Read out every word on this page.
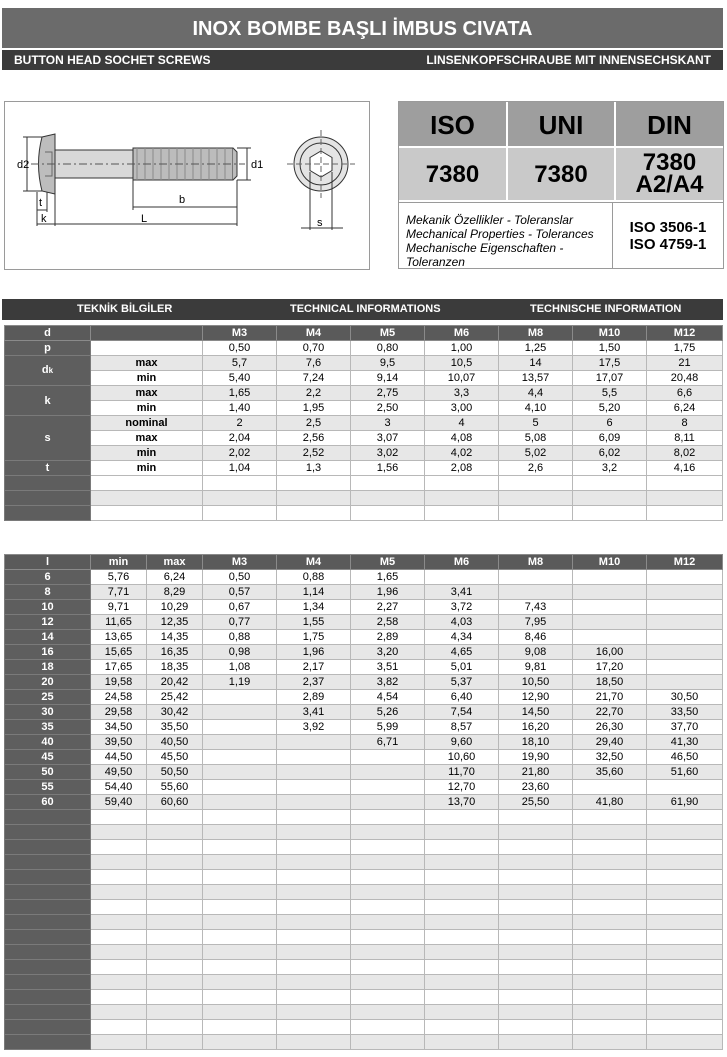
INOX BOMBE BAŞLI İMBUS CIVATA
BUTTON HEAD SOCHET SCREWS	LINSENKOPFSCHRAUBE MIT INNENSECHSKANT
d2	d1
t
k
b
L	s
ISO	UNI	DIN
7380	7380	7380
A2/A4
Mekanik Özellikler - Toleranslar
Mechanical Properties - Tolerances
Mechanische Eigenschaften - Toleranzen
ISO 3506-1
ISO 4759-1
TEKNİK BİLGİLER	TECHNICAL INFORMATIONS	TECHNISCHE INFORMATION
d		M3	M4	M5	M6	M8	M10	M12
p		0,50	0,70	0,80	1,00	1,25	1,50	1,75
dk	max	5,7	7,6	9,5	10,5	14	17,5	21
	min	5,40	7,24	9,14	10,07	13,57	17,07	20,48
k	max	1,65	2,2	2,75	3,3	4,4	5,5	6,6
	min	1,40	1,95	2,50	3,00	4,10	5,20	6,24
s	nominal	2	2,5	3	4	5	6	8
	max	2,04	2,56	3,07	4,08	5,08	6,09	8,11
	min	2,02	2,52	3,02	4,02	5,02	6,02	8,02
t	min	1,04	1,3	1,56	2,08	2,6	3,2	4,16

l	min	max	M3	M4	M5	M6	M8	M10	M12
6	5,76	6,24	0,50	0,88	1,65				
8	7,71	8,29	0,57	1,14	1,96	3,41			
10	9,71	10,29	0,67	1,34	2,27	3,72	7,43		
12	11,65	12,35	0,77	1,55	2,58	4,03	7,95		
14	13,65	14,35	0,88	1,75	2,89	4,34	8,46		
16	15,65	16,35	0,98	1,96	3,20	4,65	9,08	16,00	
18	17,65	18,35	1,08	2,17	3,51	5,01	9,81	17,20	
20	19,58	20,42	1,19	2,37	3,82	5,37	10,50	18,50	
25	24,58	25,42		2,89	4,54	6,40	12,90	21,70	30,50
30	29,58	30,42		3,41	5,26	7,54	14,50	22,70	33,50
35	34,50	35,50		3,92	5,99	8,57	16,20	26,30	37,70
40	39,50	40,50			6,71	9,60	18,10	29,40	41,30
45	44,50	45,50				10,60	19,90	32,50	46,50
50	49,50	50,50				11,70	21,80	35,60	51,60
55	54,40	55,60				12,70	23,60		
60	59,40	60,60				13,70	25,50	41,80	61,90
